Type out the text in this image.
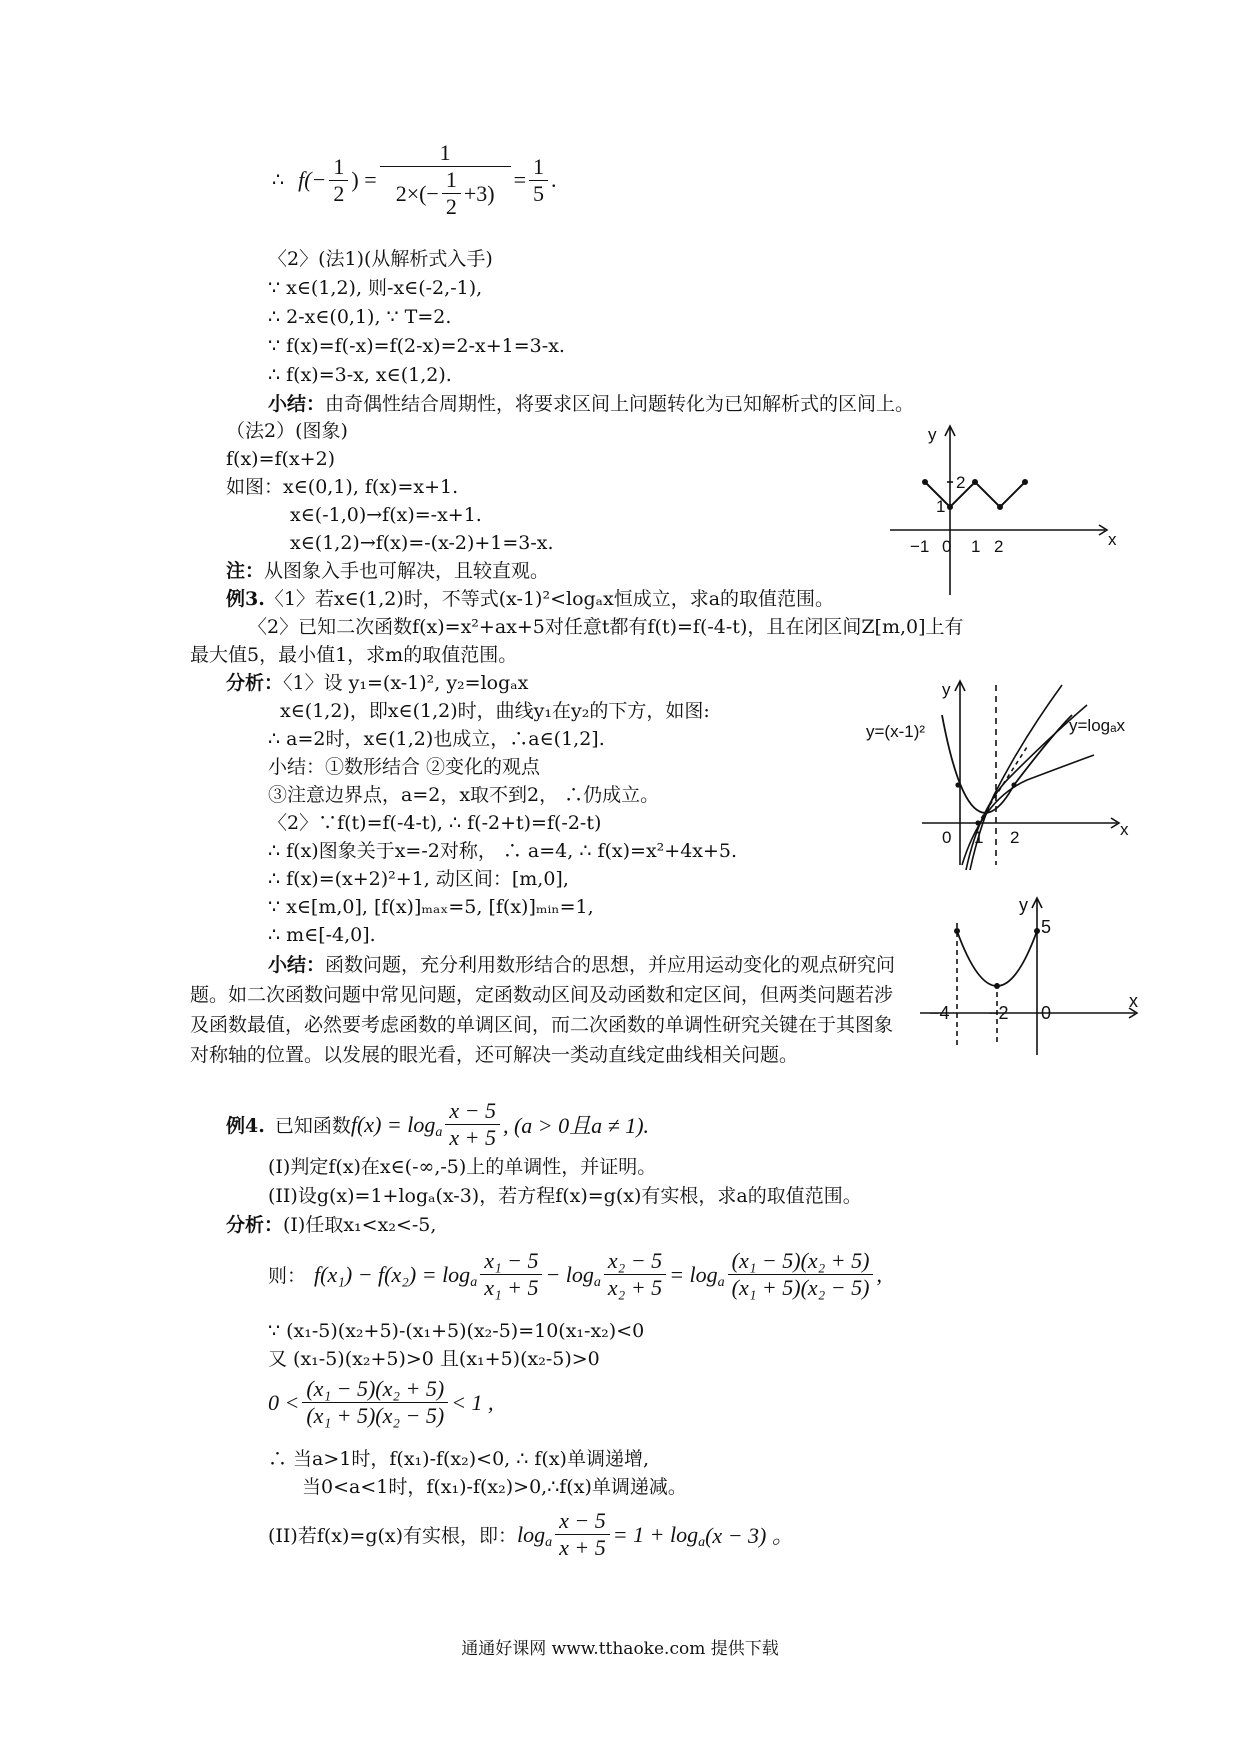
∴ $f(- \frac{1}{2}$ ) = $\frac{1}{2\times(- \frac{1}{2} +3)} = \frac{1}{5}$ .
〈2〉(法1)(从解析式入手)
∵ x∈(1,2), 则-x∈(-2,-1),
∴ 2-x∈(0,1), ∵ T=2.
∵ f(x)=f(-x)=f(2-x)=2-x+1=3-x.
∴ f(x)=3-x, x∈(1,2).
小结：由奇偶性结合周期性，将要求区间上问题转化为已知解析式的区间上。
（法2）(图象)
f(x)=f(x+2)
如图：x∈(0,1), f(x)=x+1.
x∈(-1,0)→f(x)=-x+1.
x∈(1,2)→f(x)=-(x-2)+1=3-x.
注：从图象入手也可解决，且较直观。
例3.〈1〉若x∈(1,2)时，不等式(x-1)²<logₐx恒成立，求a的取值范围。
〈2〉已知二次函数f(x)=x²+ax+5对任意t都有f(t)=f(-4-t)，且在闭区间Z[m,0]上有
最大值5，最小值1，求m的取值范围。
分析：〈1〉设 y₁=(x-1)², y₂=logₐx
x∈(1,2)，即x∈(1,2)时，曲线y₁在y₂的下方，如图:
∴ a=2时，x∈(1,2)也成立，∴a∈(1,2].
小结：①数形结合 ②变化的观点
③注意边界点，a=2，x取不到2， ∴仍成立。
〈2〉∵f(t)=f(-4-t), ∴ f(-2+t)=f(-2-t)
∴ f(x)图象关于x=-2对称， ∴ a=4, ∴ f(x)=x²+4x+5.
∴ f(x)=(x+2)²+1, 动区间：[m,0],
∵ x∈[m,0], [f(x)]ₘₐₓ=5, [f(x)]ₘᵢₙ=1,
∴ m∈[-4,0].
小结：函数问题，充分利用数形结合的思想，并应用运动变化的观点研究问题。如二次函数问题中常见问题，定函数动区间及动函数和定区间，但两类问题若涉及函数最值，必然要考虑函数的单调区间，而二次函数的单调性研究关键在于其图象对称轴的位置。以发展的眼光看，还可解决一类动直线定曲线相关问题。
例4. 已知函数 $f(x) = \log_a \frac{x - 5}{x + 5}$ , (a > 0且a ≠ 1).
(I)判定f(x)在x∈(-∞,-5)上的单调性，并证明。
(II)设g(x)=1+logₐ(x-3)，若方程f(x)=g(x)有实根，求a的取值范围。
分析：(I)任取x₁<x₂<-5,
则： $f(x_1) - f(x_2) = \log_a \frac{\text{x₁ − 5}}{\text{x₁ + 5}} - \log_a \frac{\text{x₂ − 5}}{\text{x₂ + 5}} = \log_a \frac{\text{(x₁ − 5)(x₂ + 5)}}{\text{(x₁ + 5)(x₂ − 5)}}$ ,
∵ (x₁-5)(x₂+5)-(x₁+5)(x₂-5)=10(x₁-x₂)<0
又 (x₁-5)(x₂+5)>0 且(x₁+5)(x₂-5)>0
$0 < \frac{\text{(x₁ − 5)(x₂ + 5)}}{\text{(x₁ + 5)(x₂ − 5)}} < 1$ ,
∴ 当a>1时，f(x₁)-f(x₂)<0, ∴ f(x)单调递增,
当0<a<1时，f(x₁)-f(x₂)>0,∴f(x)单调递减。
(II)若f(x)=g(x)有实根，即： $\log_a \frac{x - 5}{x + 5} = 1 + \log_a (x - 3)$ 。
y
x
2
1
−1 0 1 2
y
x
y=(x-1)²	y=logₐx
0 1 2
y
x
5
−4 −2 0
通通好课网 www.tthaoke.com 提供下载
